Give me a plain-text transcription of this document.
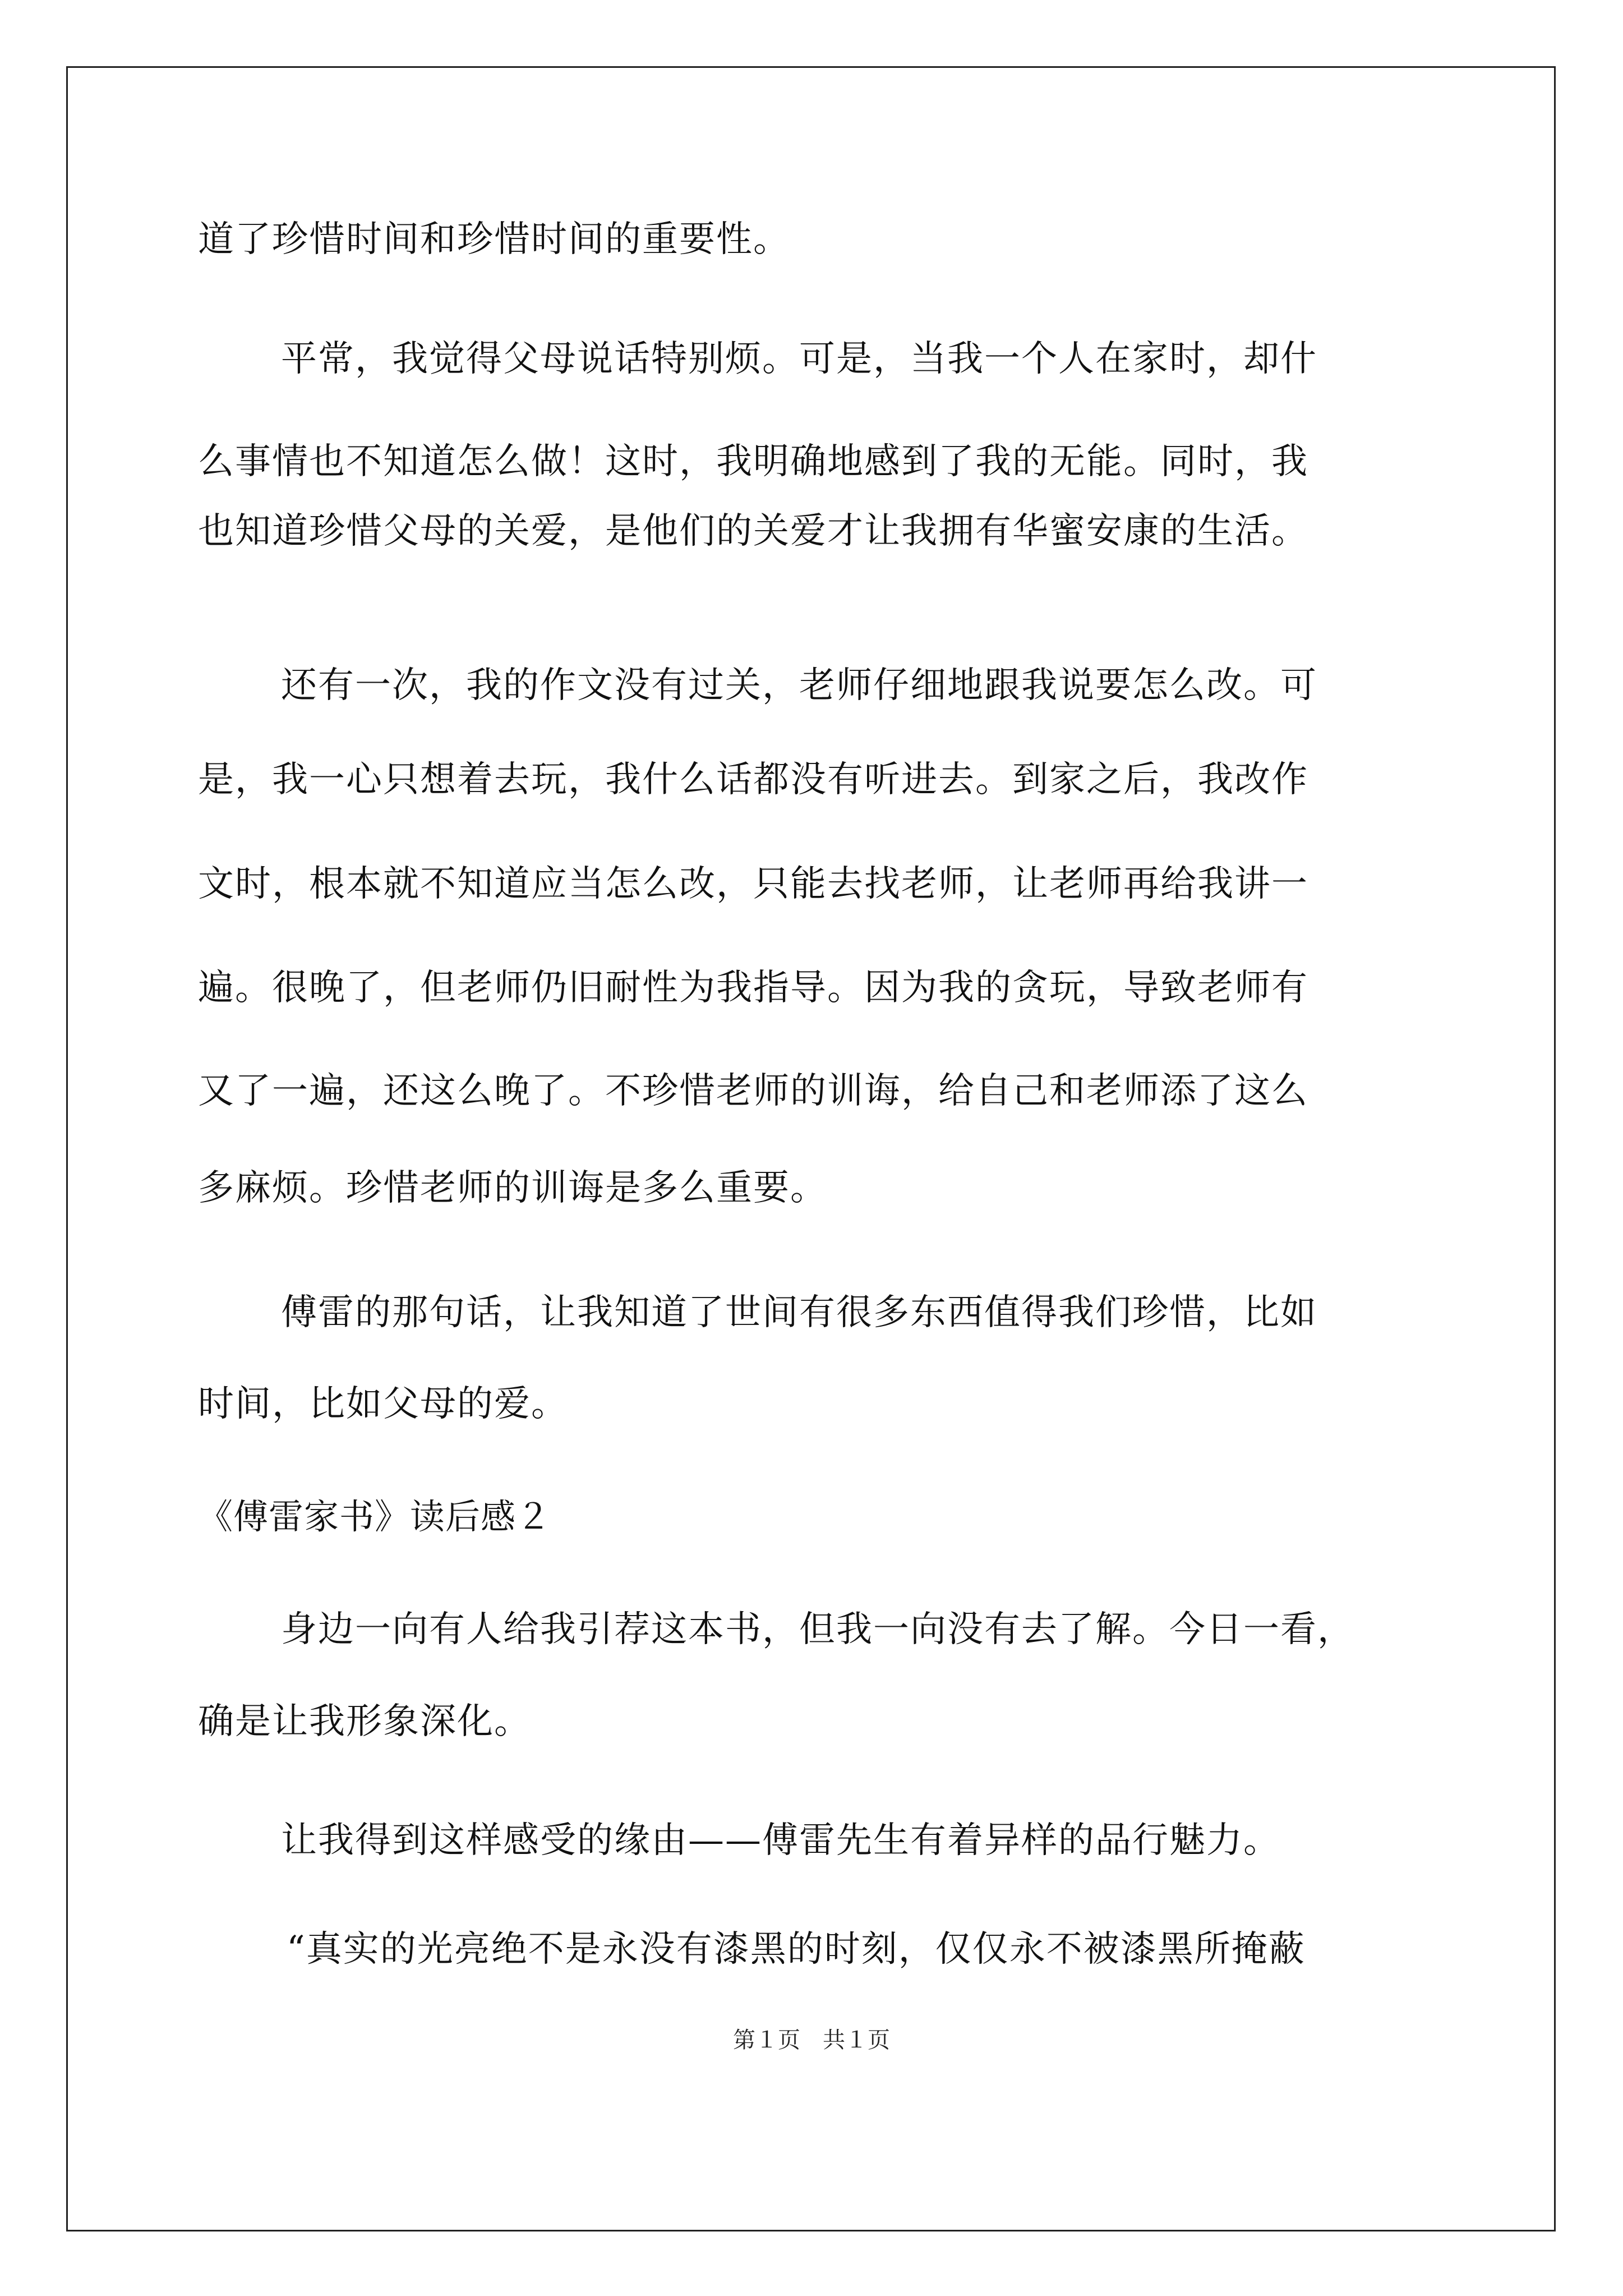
道了珍惜时间和珍惜时间的重要性。
平常，我觉得父母说话特别烦。可是，当我一个人在家时，却什
么事情也不知道怎么做！这时，我明确地感到了我的无能。同时，我
也知道珍惜父母的关爱，是他们的关爱才让我拥有华蜜安康的生活。
还有一次，我的作文没有过关，老师仔细地跟我说要怎么改。可
是，我一心只想着去玩，我什么话都没有听进去。到家之后，我改作
文时，根本就不知道应当怎么改，只能去找老师，让老师再给我讲一
遍。很晚了，但老师仍旧耐性为我指导。因为我的贪玩，导致老师有
又了一遍，还这么晚了。不珍惜老师的训诲，给自己和老师添了这么
多麻烦。珍惜老师的训诲是多么重要。
傅雷的那句话，让我知道了世间有很多东西值得我们珍惜，比如
时间，比如父母的爱。
《傅雷家书》读后感２
身边一向有人给我引荐这本书，但我一向没有去了解。今日一看，
确是让我形象深化。
让我得到这样感受的缘由——傅雷先生有着异样的品行魅力。
“真实的光亮绝不是永没有漆黑的时刻，仅仅永不被漆黑所掩蔽
第１页　共１页
